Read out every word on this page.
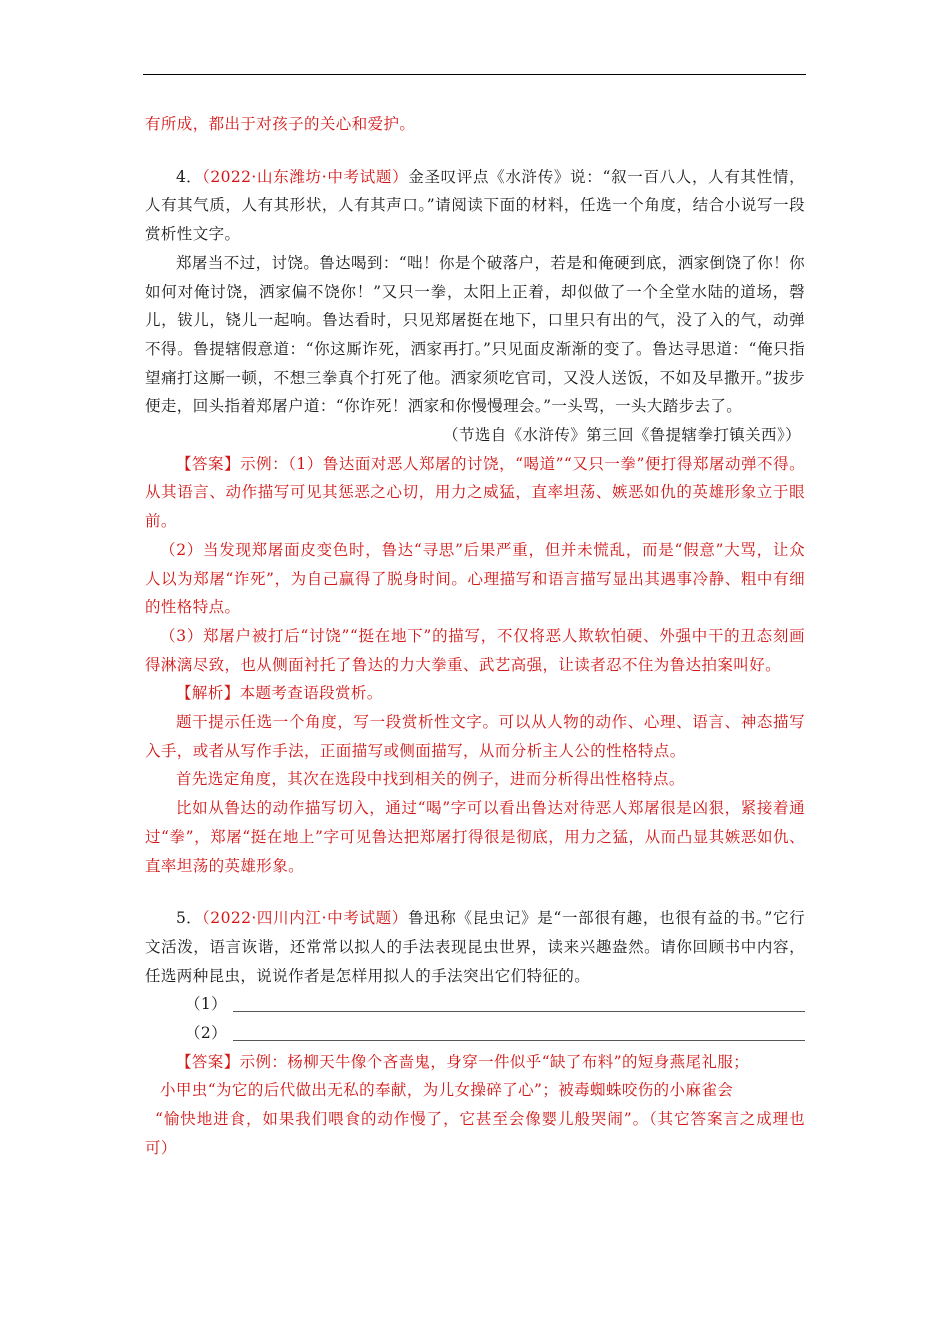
有所成，都出于对孩子的关心和爱护。

4．（2022·山东潍坊·中考试题）金圣叹评点《水浒传》说：“叙一百八人，人有其性情，人有其气质，人有其形状，人有其声口。”请阅读下面的材料，任选一个角度，结合小说写一段赏析性文字。

郑屠当不过，讨饶。鲁达喝到：“咄！你是个破落户，若是和俺硬到底，洒家倒饶了你！你如何对俺讨饶，洒家偏不饶你！”又只一拳，太阳上正着，却似做了一个全堂水陆的道场，磬儿，钹儿，铙儿一起响。鲁达看时，只见郑屠挺在地下，口里只有出的气，没了入的气，动弹不得。鲁提辖假意道：“你这厮诈死，洒家再打。”只见面皮渐渐的变了。鲁达寻思道：“俺只指望痛打这厮一顿，不想三拳真个打死了他。洒家须吃官司，又没人送饭，不如及早撒开。”拔步便走，回头指着郑屠户道：“你诈死！洒家和你慢慢理会。”一头骂，一头大踏步去了。

（节选自《水浒传》第三回《鲁提辖拳打镇关西》）

【答案】示例：（1）鲁达面对恶人郑屠的讨饶，“喝道”“又只一拳”便打得郑屠动弹不得。从其语言、动作描写可见其惩恶之心切，用力之威猛，直率坦荡、嫉恶如仇的英雄形象立于眼前。

（2）当发现郑屠面皮变色时，鲁达“寻思”后果严重，但并未慌乱，而是“假意”大骂，让众人以为郑屠“诈死”，为自己赢得了脱身时间。心理描写和语言描写显出其遇事冷静、粗中有细的性格特点。

（3）郑屠户被打后“讨饶”“挺在地下”的描写，不仅将恶人欺软怕硬、外强中干的丑态刻画得淋漓尽致，也从侧面衬托了鲁达的力大拳重、武艺高强，让读者忍不住为鲁达拍案叫好。

【解析】本题考查语段赏析。

题干提示任选一个角度，写一段赏析性文字。可以从人物的动作、心理、语言、神态描写入手，或者从写作手法，正面描写或侧面描写，从而分析主人公的性格特点。

首先选定角度，其次在选段中找到相关的例子，进而分析得出性格特点。

比如从鲁达的动作描写切入，通过“喝”字可以看出鲁达对待恶人郑屠很是凶狠，紧接着通过“拳”，郑屠“挺在地上”字可见鲁达把郑屠打得很是彻底，用力之猛，从而凸显其嫉恶如仇、直率坦荡的英雄形象。

5．（2022·四川内江·中考试题）鲁迅称《昆虫记》是“一部很有趣，也很有益的书。”它行文活泼，语言诙谐，还常常以拟人的手法表现昆虫世界，读来兴趣盎然。请你回顾书中内容，任选两种昆虫，说说作者是怎样用拟人的手法突出它们特征的。

（1）
（2）

【答案】示例：杨柳天牛像个吝啬鬼，身穿一件似乎“缺了布料”的短身燕尾礼服；

小甲虫“为它的后代做出无私的奉献，为儿女操碎了心”；被毒蜘蛛咬伤的小麻雀会

“愉快地进食，如果我们喂食的动作慢了，它甚至会像婴儿般哭闹”。（其它答案言之成理也可）
